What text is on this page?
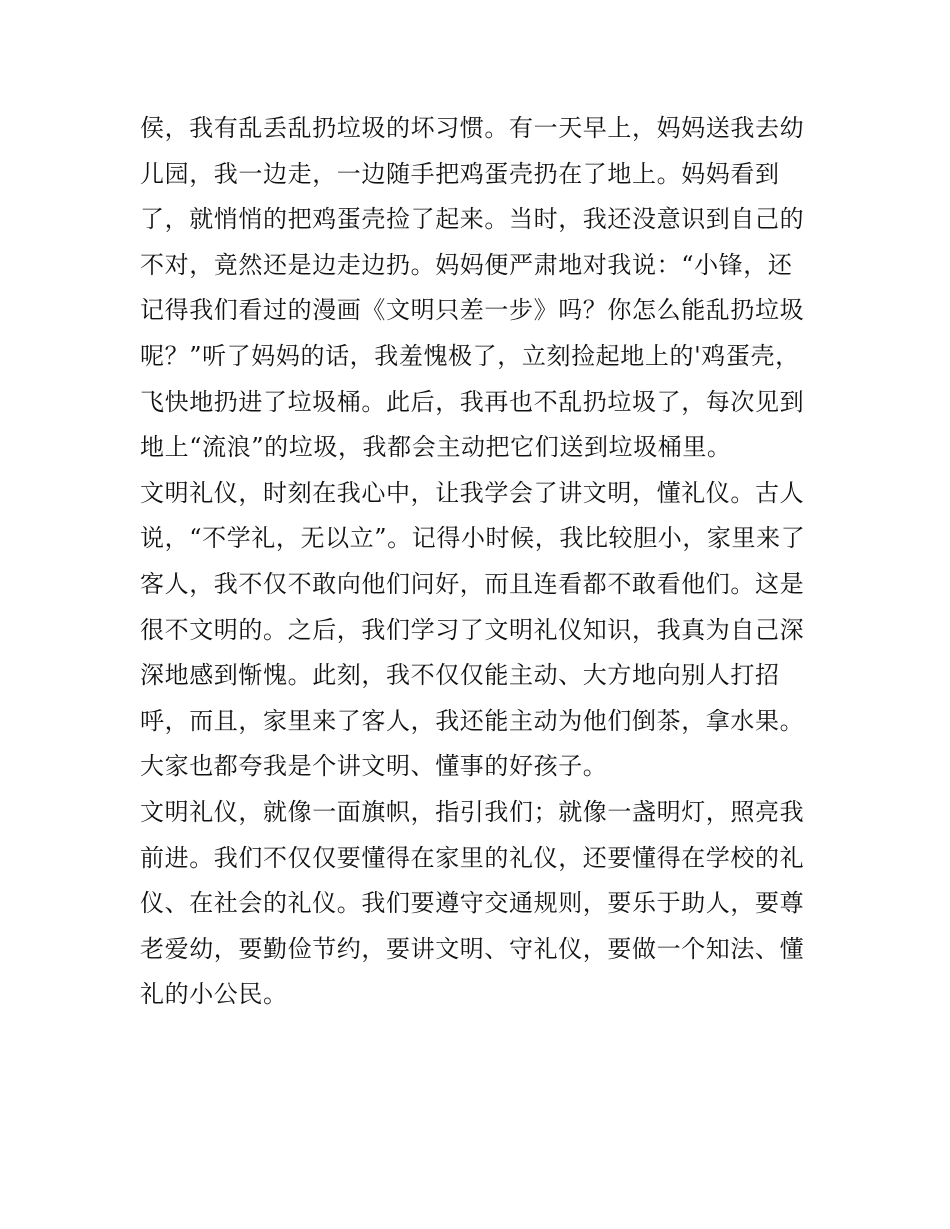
侯，我有乱丢乱扔垃圾的坏习惯。有一天早上，妈妈送我去幼
儿园，我一边走，一边随手把鸡蛋壳扔在了地上。妈妈看到
了，就悄悄的把鸡蛋壳捡了起来。当时，我还没意识到自己的
不对，竟然还是边走边扔。妈妈便严肃地对我说：“小锋，还
记得我们看过的漫画《文明只差一步》吗？你怎么能乱扔垃圾
呢？”听了妈妈的话，我羞愧极了，立刻捡起地上的'鸡蛋壳，
飞快地扔进了垃圾桶。此后，我再也不乱扔垃圾了，每次见到
地上“流浪”的垃圾，我都会主动把它们送到垃圾桶里。
文明礼仪，时刻在我心中，让我学会了讲文明，懂礼仪。古人
说，“不学礼，无以立”。记得小时候，我比较胆小，家里来了
客人，我不仅不敢向他们问好，而且连看都不敢看他们。这是
很不文明的。之后，我们学习了文明礼仪知识，我真为自己深
深地感到惭愧。此刻，我不仅仅能主动、大方地向别人打招
呼，而且，家里来了客人，我还能主动为他们倒茶，拿水果。
大家也都夸我是个讲文明、懂事的好孩子。
文明礼仪，就像一面旗帜，指引我们；就像一盏明灯，照亮我
前进。我们不仅仅要懂得在家里的礼仪，还要懂得在学校的礼
仪、在社会的礼仪。我们要遵守交通规则，要乐于助人，要尊
老爱幼，要勤俭节约，要讲文明、守礼仪，要做一个知法、懂
礼的小公民。
